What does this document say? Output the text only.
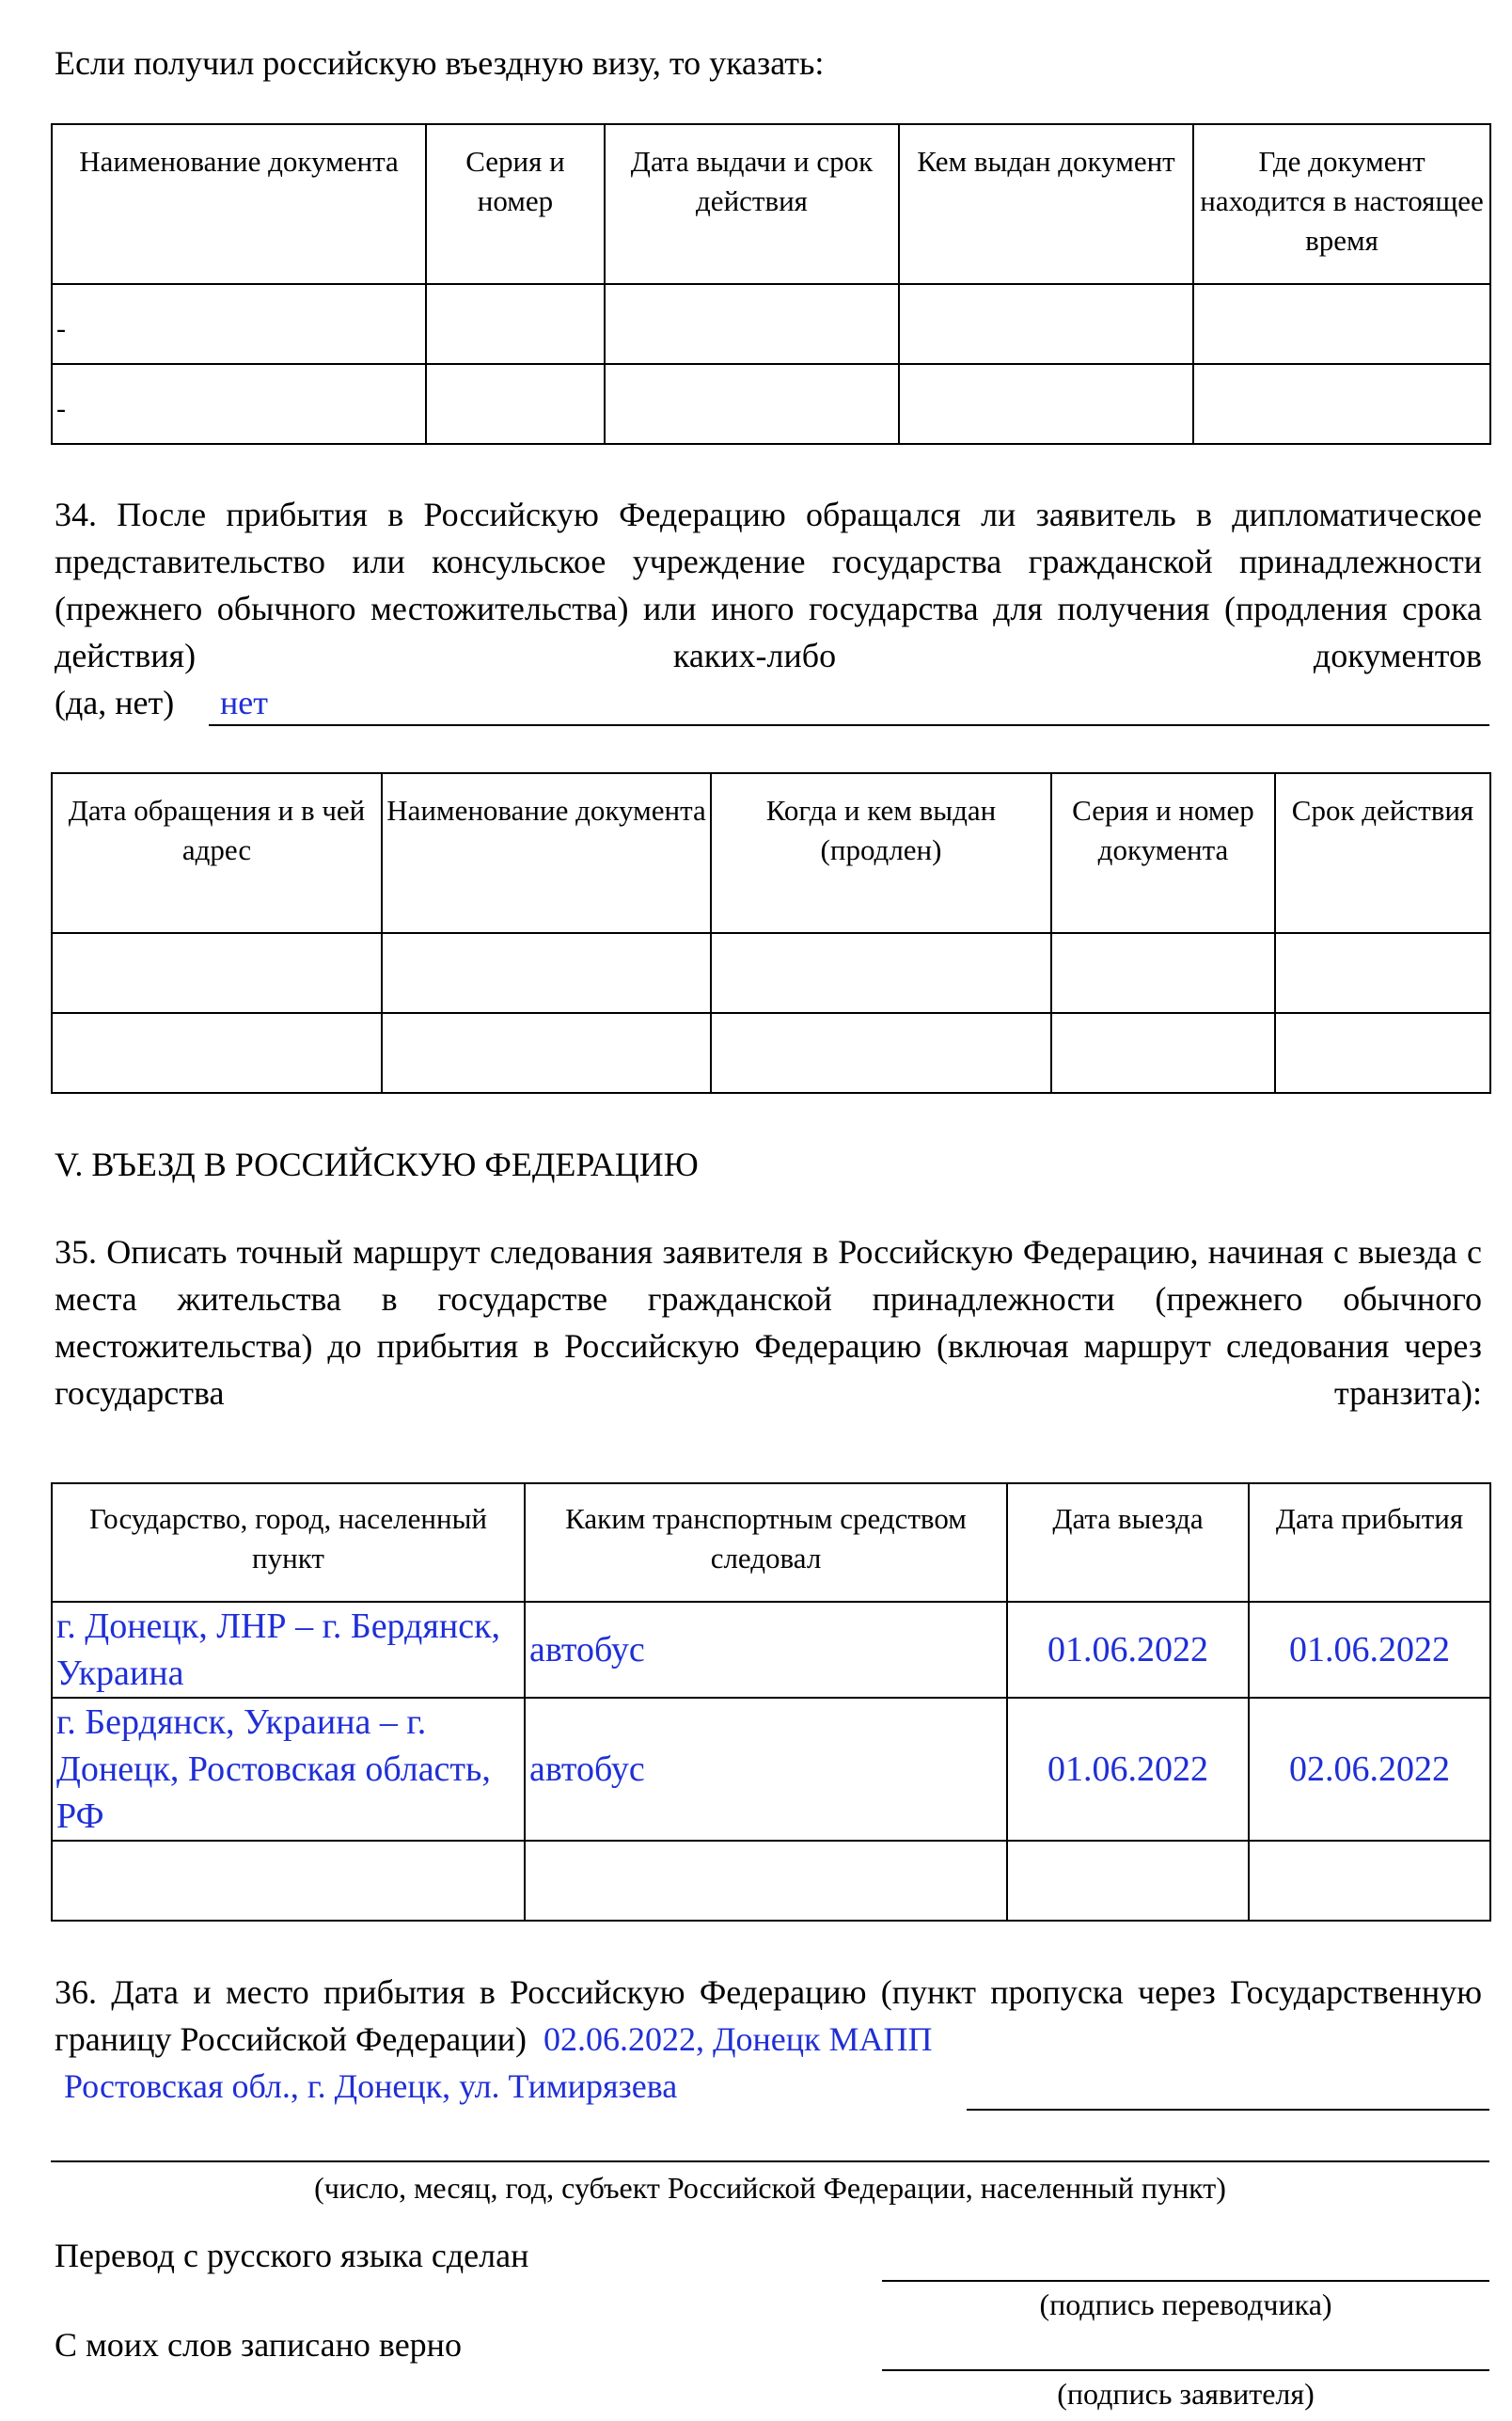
Если получил российскую въездную визу, то указать:
Наименование документа	Серия и номер	Дата выдачи и срок действия	Кем выдан документ	Где документ находится в настоящее время
-				
-				
34. После прибытия в Российскую Федерацию обращался ли заявитель в дипломатическое представительство или консульское учреждение государства гражданской принадлежности (прежнего обычного местожительства) или иного государства для получения (продления срока действия) каких-либо документов
(да, нет) нет
Дата обращения и в чей адрес	Наименование документа	Когда и кем выдан (продлен)	Серия и номер документа	Срок действия

V. ВЪЕЗД В РОССИЙСКУЮ ФЕДЕРАЦИЮ
35. Описать точный маршрут следования заявителя в Российскую Федерацию, начиная с выезда с места жительства в государстве гражданской принадлежности (прежнего обычного местожительства) до прибытия в Российскую Федерацию (включая маршрут следования через государства транзита):
Государство, город, населенный пункт	Каким транспортным средством следовал	Дата выезда	Дата прибытия
г. Донецк, ЛНР – г. Бердянск, Украина	автобус	01.06.2022	01.06.2022
г. Бердянск, Украина – г. Донецк, Ростовская область, РФ	автобус	01.06.2022	02.06.2022

36. Дата и место прибытия в Российскую Федерацию (пункт пропуска через Государственную границу Российской Федерации) 02.06.2022, Донецк МАПП
Ростовская обл., г. Донецк, ул. Тимирязева
(число, месяц, год, субъект Российской Федерации, населенный пункт)
Перевод с русского языка сделан
(подпись переводчика)
С моих слов записано верно
(подпись заявителя)
